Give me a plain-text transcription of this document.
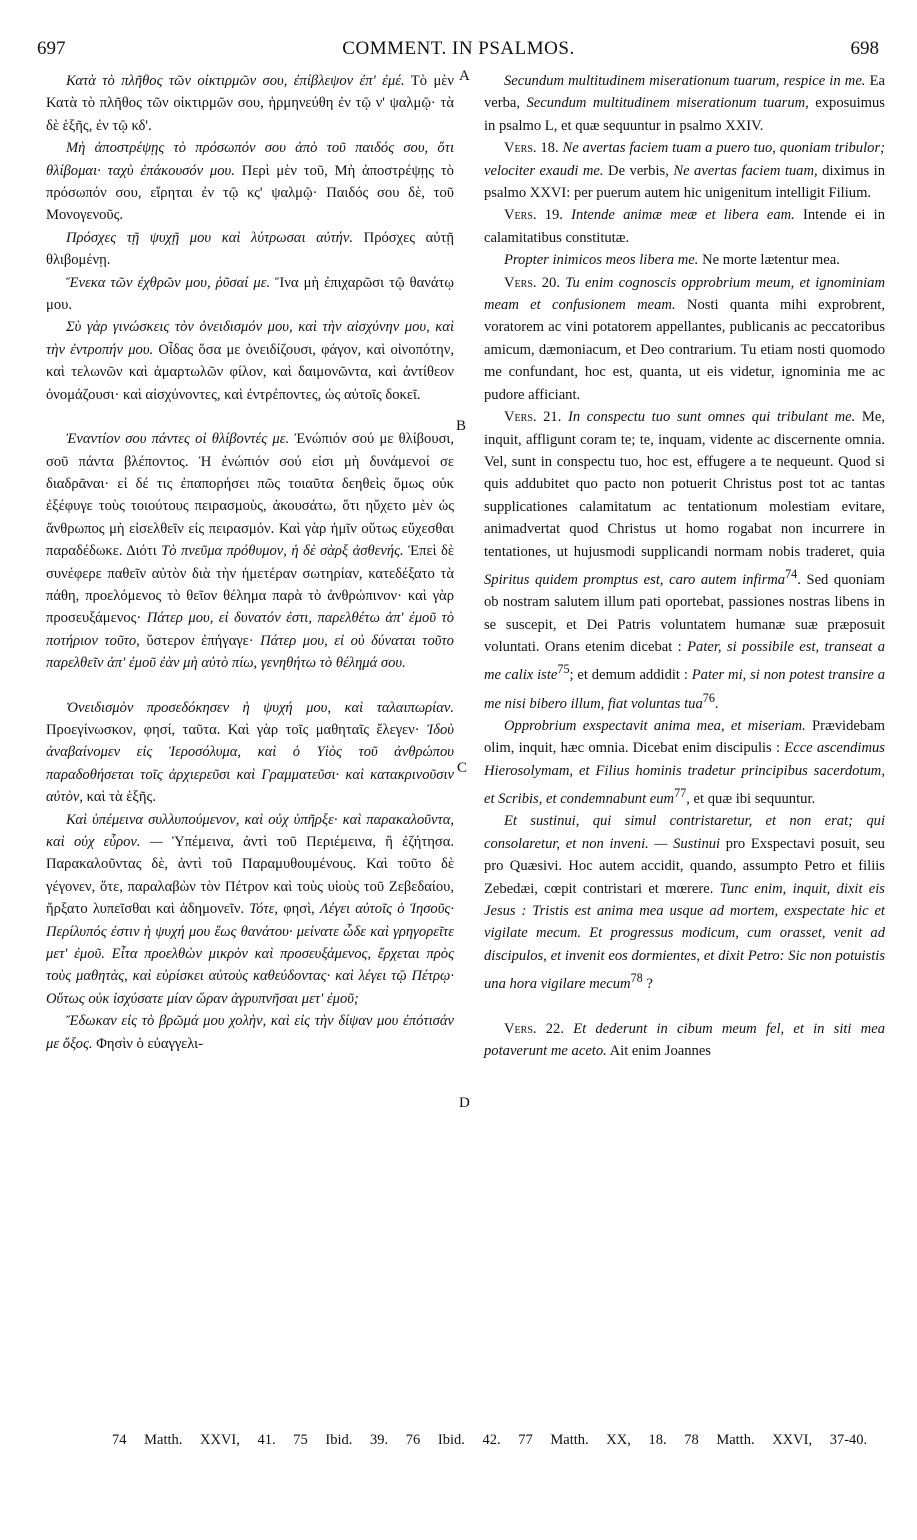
697	COMMENT. IN PSALMOS.	698
A
B
C
D

Κατὰ τὸ πλῆθος τῶν οἰκτιρμῶν σου, ἐπίβλεψον ἐπ' ἐμέ. Τὸ μὲν Κατὰ τὸ πλῆθος τῶν οἰκτιρμῶν σου, ἡρμηνεύθη ἐν τῷ ν' ψαλμῷ· τὰ δὲ ἑξῆς, ἐν τῷ κδ'.

Μὴ ἀποστρέψῃς τὸ πρόσωπόν σου ἀπὸ τοῦ παιδός σου, ὅτι θλίβομαι· ταχὺ ἐπάκουσόν μου. Περὶ μὲν τοῦ, Μὴ ἀποστρέψῃς τὸ πρόσωπόν σου, εἴρηται ἐν τῷ κς' ψαλμῷ· Παιδός σου δὲ, τοῦ Μονογενοῦς.

Πρόσχες τῇ ψυχῇ μου καὶ λύτρωσαι αὐτήν. Πρόσχες αὐτῇ θλιβομένῃ.

Ἕνεκα τῶν ἐχθρῶν μου, ῥῦσαί με. Ἵνα μὴ ἐπιχαρῶσι τῷ θανάτῳ μου.

Σὺ γὰρ γινώσκεις τὸν ὀνειδισμόν μου, καὶ τὴν αἰσχύνην μου, καὶ τὴν ἐντροπήν μου. Οἶδας ὅσα με ὀνειδίζουσι, φάγον, καὶ οἰνοπότην, καὶ τελωνῶν καὶ ἁμαρτωλῶν φίλον, καὶ δαιμονῶντα, καὶ ἀντίθεον ὀνομάζουσι· καὶ αἰσχύνοντες, καὶ ἐντρέποντες, ὡς αὐτοῖς δοκεῖ.

Ἐναντίον σου πάντες οἱ θλίβοντές με. Ἐνώπιόν σού με θλίβουσι, σοῦ πάντα βλέποντος. Ἡ ἐνώπιόν σού εἰσι μὴ δυνάμενοί σε διαδρᾶναι· εἰ δέ τις ἐπαπορήσει πῶς τοιαῦτα δεηθεὶς ὅμως οὐκ ἐξέφυγε τοὺς τοιούτους πειρασμοὺς, ἀκουσάτω, ὅτι ηὔχετο μὲν ὡς ἄνθρωπος μὴ εἰσελθεῖν εἰς πειρασμόν. Καὶ γὰρ ἡμῖν οὕτως εὔχεσθαι παραδέδωκε. Διότι Τὸ πνεῦμα πρόθυμον, ἡ δὲ σὰρξ ἀσθενής. Ἐπεὶ δὲ συνέφερε παθεῖν αὐτὸν διὰ τὴν ἡμετέραν σωτηρίαν, κατεδέξατο τὰ πάθη, προελόμενος τὸ θεῖον θέλημα παρὰ τὸ ἀνθρώπινον· καὶ γὰρ προσευξάμενος· Πάτερ μου, εἰ δυνατόν ἐστι, παρελθέτω ἀπ' ἐμοῦ τὸ ποτήριον τοῦτο, ὕστερον ἐπήγαγε· Πάτερ μου, εἰ οὐ δύναται τοῦτο παρελθεῖν ἀπ' ἐμοῦ ἐὰν μὴ αὐτὸ πίω, γενηθήτω τὸ θέλημά σου.

Ὀνειδισμὸν προσεδόκησεν ἡ ψυχή μου, καὶ ταλαιπωρίαν. Προεγίνωσκον, φησί, ταῦτα. Καὶ γὰρ τοῖς μαθηταῖς ἔλεγεν· Ἰδοὺ ἀναβαίνομεν εἰς Ἱεροσόλυμα, καὶ ὁ Υἱὸς τοῦ ἀνθρώπου παραδοθήσεται τοῖς ἀρχιερεῦσι καὶ Γραμματεῦσι· καὶ κατακρινοῦσιν αὐτὸν, καὶ τὰ ἑξῆς.

Καὶ ὑπέμεινα συλλυπούμενον, καὶ οὐχ ὑπῆρξε· καὶ παρακαλοῦντα, καὶ οὐχ εὗρον. — Ὑπέμεινα, ἀντὶ τοῦ Περιέμεινα, ἢ ἐζήτησα. Παρακαλοῦντας δὲ, ἀντὶ τοῦ Παραμυθουμένους. Καὶ τοῦτο δὲ γέγονεν, ὅτε, παραλαβὼν τὸν Πέτρον καὶ τοὺς υἱοὺς τοῦ Ζεβεδαίου, ἤρξατο λυπεῖσθαι καὶ ἀδημονεῖν. Τότε, φησὶ, Λέγει αὐτοῖς ὁ Ἰησοῦς· Περίλυπός ἐστιν ἡ ψυχή μου ἕως θανάτου· μείνατε ὧδε καὶ γρηγορεῖτε μετ' ἐμοῦ. Εἶτα προελθὼν μικρὸν καὶ προσευξάμενος, ἔρχεται πρὸς τοὺς μαθητὰς, καὶ εὑρίσκει αὐτοὺς καθεύδοντας· καὶ λέγει τῷ Πέτρῳ· Οὕτως οὐκ ἰσχύσατε μίαν ὥραν ἀγρυπνῆσαι μετ' ἐμοῦ;

Ἔδωκαν εἰς τὸ βρῶμά μου χολὴν, καὶ εἰς τὴν δίψαν μου ἐπότισάν με ὄξος. Φησὶν ὁ εὐαγγελι-

Secundum multitudinem miserationum tuarum, respice in me. Ea verba, Secundum multitudinem miserationum tuarum, exposuimus in psalmo L, et quæ sequuntur in psalmo XXIV.

Vers. 18. Ne avertas faciem tuam a puero tuo, quoniam tribulor; velociter exaudi me. De verbis, Ne avertas faciem tuam, diximus in psalmo XXVI: per puerum autem hic unigenitum intelligit Filium.

Vers. 19. Intende animæ meæ et libera eam. Intende ei in calamitatibus constitutæ.

Propter inimicos meos libera me. Ne morte lætentur mea.

Vers. 20. Tu enim cognoscis opprobrium meum, et ignominiam meam et confusionem meam. Nosti quanta mihi exprobrent, voratorem ac vini potatorem appellantes, publicanis ac peccatoribus amicum, dæmoniacum, et Deo contrarium. Tu etiam nosti quomodo me confundant, hoc est, quanta, ut eis videtur, ignominia me ac pudore afficiant.

Vers. 21. In conspectu tuo sunt omnes qui tribulant me. Me, inquit, affligunt coram te; te, inquam, vidente ac discernente omnia. Vel, sunt in conspectu tuo, hoc est, effugere a te nequeunt. Quod si quis addubitet quo pacto non potuerit Christus post tot ac tantas supplicationes calamitatum ac tentationum molestiam evitare, animadvertat quod Christus ut homo rogabat non incurrere in tentationes, ut hujusmodi supplicandi normam nobis traderet, quia Spiritus quidem promptus est, caro autem infirma$^{74}$. Sed quoniam ob nostram salutem illum pati oportebat, passiones nostras libens in se suscepit, et Dei Patris voluntatem humanæ suæ præposuit voluntati. Orans etenim dicebat : Pater, si possibile est, transeat a me calix iste$^{75}$; et demum addidit : Pater mi, si non potest transire a me nisi bibero illum, fiat voluntas tua$^{76}$.

Opprobrium exspectavit anima mea, et miseriam. Prævidebam olim, inquit, hæc omnia. Dicebat enim discipulis : Ecce ascendimus Hierosolymam, et Filius hominis tradetur principibus sacerdotum, et Scribis, et condemnabunt eum$^{77}$, et quæ ibi sequuntur.

Et sustinui, qui simul contristaretur, et non erat; qui consolaretur, et non inveni. — Sustinui pro Exspectavi posuit, seu pro Quæsivi. Hoc autem accidit, quando, assumpto Petro et filiis Zebedæi, cœpit contristari et mœrere. Tunc enim, inquit, dixit eis Jesus : Tristis est anima mea usque ad mortem, exspectate hic et vigilate mecum. Et progressus modicum, cum orasset, venit ad discipulos, et invenit eos dormientes, et dixit Petro: Sic non potuistis una hora vigilare mecum$^{78}$ ?

Vers. 22. Et dederunt in cibum meum fel, et in siti mea potaverunt me aceto. Ait enim Joannes

74 Matth. XXVI, 41. 75 Ibid. 39. 76 Ibid. 42. 77 Matth. XX, 18. 78 Matth. XXVI, 37-40.
